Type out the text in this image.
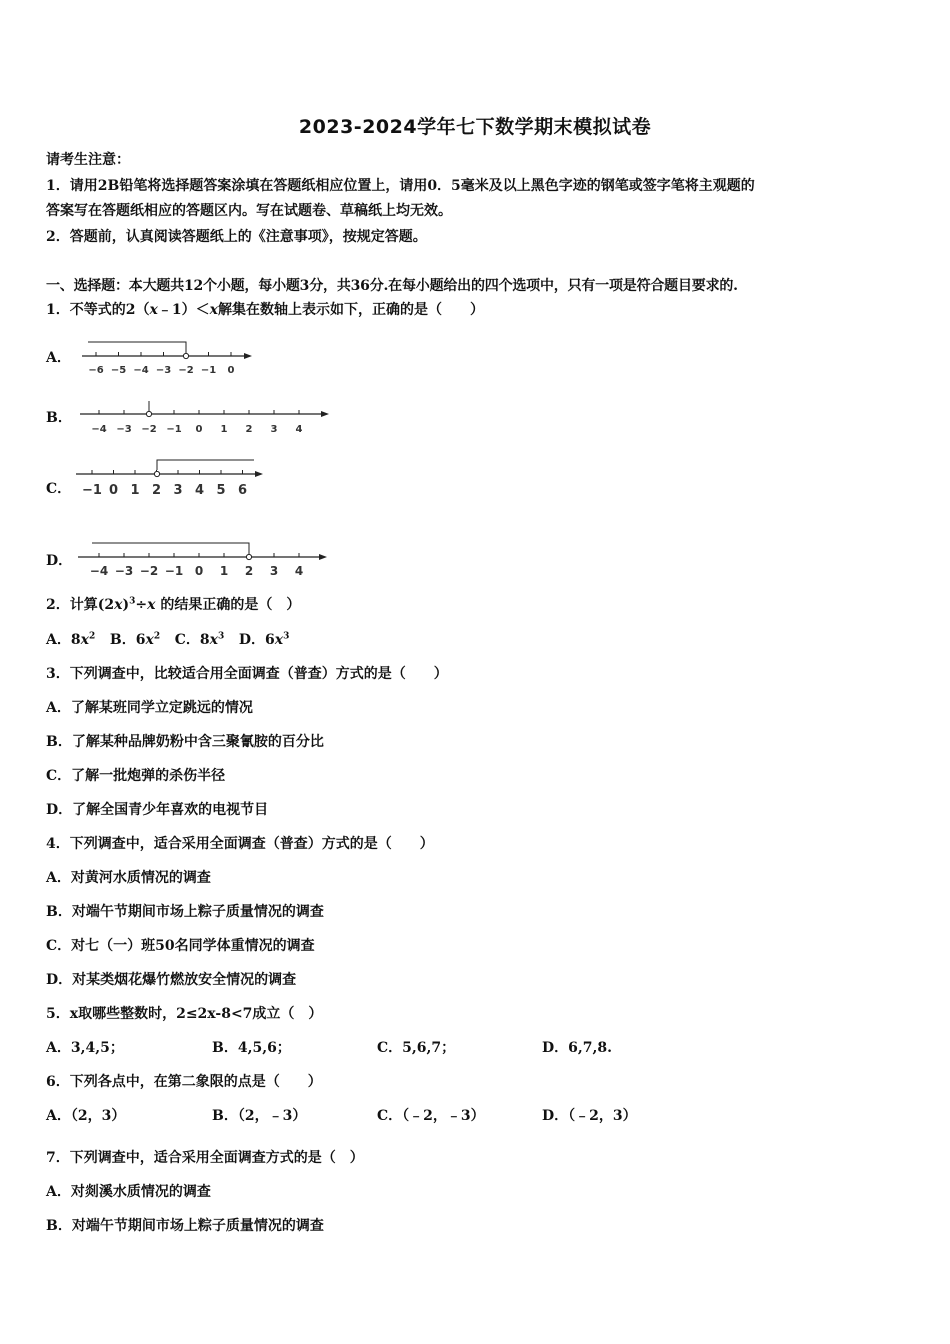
2023-2024学年七下数学期末模拟试卷
请考生注意：
1．请用2B铅笔将选择题答案涂填在答题纸相应位置上，请用0．5毫米及以上黑色字迹的钢笔或签字笔将主观题的
答案写在答题纸相应的答题区内。写在试题卷、草稿纸上均无效。
2．答题前，认真阅读答题纸上的《注意事项》，按规定答题。
一、选择题：本大题共12个小题，每小题3分，共36分.在每小题给出的四个选项中，只有一项是符合题目要求的.
1．不等式的2（x﹣1）＜x解集在数轴上表示如下，正确的是（　　）
A．
−6 −5 −4 −3 −2 −1 0
B．
−4 −3 −2 −1 0 1 2 3 4
C． −1 0 1 2 3 4 5 6
D．
−4 −3 −2 −1 0 1 2 3 4
2．计算$(2x)^3\div x$ 的结果正确的是（　）
A．$8x^2$ B．$6x^2$ C．$8x^3$ D．$6x^3$
3．下列调查中，比较适合用全面调查（普查）方式的是（　　）
A．了解某班同学立定跳远的情况
B．了解某种品牌奶粉中含三聚氰胺的百分比
C．了解一批炮弹的杀伤半径
D．了解全国青少年喜欢的电视节目
4．下列调查中，适合采用全面调查（普查）方式的是（　　）
A．对黄河水质情况的调查
B．对端午节期间市场上粽子质量情况的调查
C．对七（一）班50名同学体重情况的调查
D．对某类烟花爆竹燃放安全情况的调查
5．x取哪些整数时，2≤2x-8<7成立（　）
A．3,4,5；	B．4,5,6；	C．5,6,7；	D．6,7,8.
6．下列各点中，在第二象限的点是（　　）
A．（2，3）	B．（2，﹣3）	C．（﹣2，﹣3）	D．（﹣2，3）
7．下列调查中，适合采用全面调查方式的是（　）
A．对剡溪水质情况的调查
B．对端午节期间市场上粽子质量情况的调查
